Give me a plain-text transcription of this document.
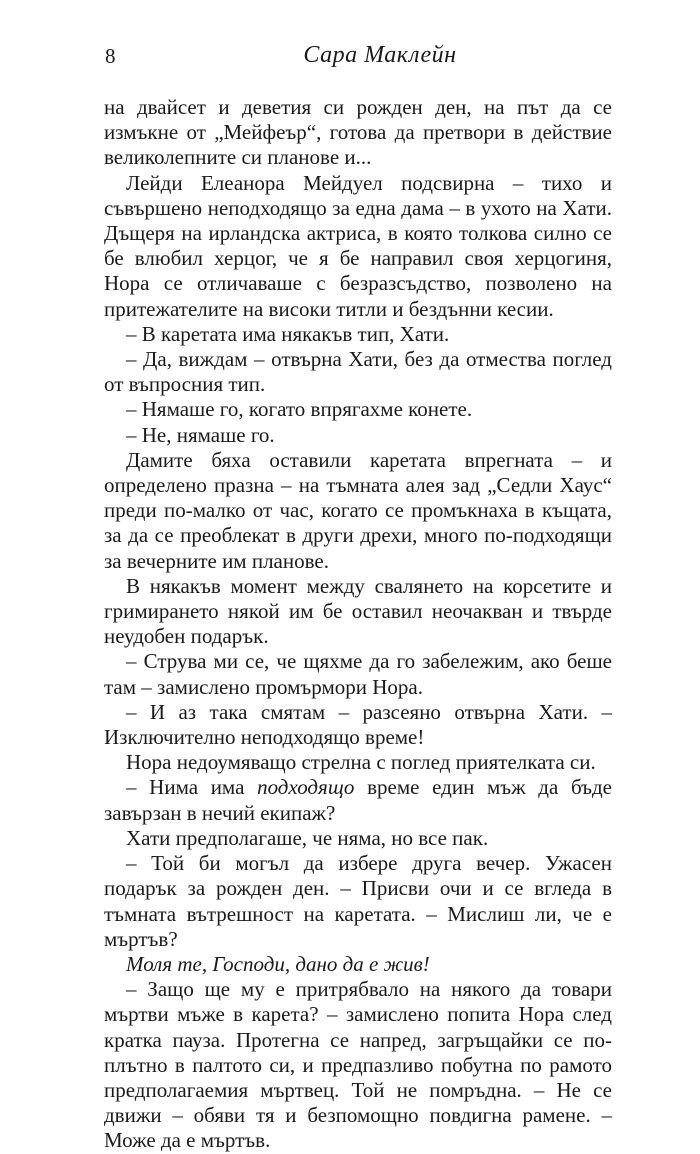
8	Сара Маклейн

на двайсет и деветия си рожден ден, на път да се измъкне от „Мейфеър“, готова да претвори в действие великолепните си планове и...

Лейди Елеанора Мейдуел подсвирна – тихо и съвършено неподходящо за една дама – в ухото на Хати. Дъщеря на ирландска актриса, в която толкова силно се бе влюбил херцог, че я бе направил своя херцогиня, Нора се отличаваше с безразсъдство, позволено на притежателите на високи титли и бездънни кесии.

– В каретата има някакъв тип, Хати.

– Да, виждам – отвърна Хати, без да отмества поглед от въпросния тип.

– Нямаше го, когато впрягахме конете.

– Не, нямаше го.

Дамите бяха оставили каретата впрегната – и определено празна – на тъмната алея зад „Седли Хаус“ преди по-малко от час, когато се промъкнаха в къщата, за да се преоблекат в други дрехи, много по-подходящи за вечерните им планове.

В някакъв момент между свалянето на корсетите и гримирането някой им бе оставил неочакван и твърде неудобен подарък.

– Струва ми се, че щяхме да го забележим, ако беше там – замислено промърмори Нора.

– И аз така смятам – разсеяно отвърна Хати. – Изключително неподходящо време!

Нора недоумяващо стрелна с поглед приятелката си.

– Нима има подходящо време един мъж да бъде завързан в нечий екипаж?

Хати предполагаше, че няма, но все пак.

– Той би могъл да избере друга вечер. Ужасен подарък за рожден ден. – Присви очи и се вгледа в тъмната вътрешност на каретата. – Мислиш ли, че е мъртъв?

Моля те, Господи, дано да е жив!

– Защо ще му е притрябвало на някого да товари мъртви мъже в карета? – замислено попита Нора след кратка пауза. Протегна се напред, загръщайки се по-плътно в палтото си, и предпазливо побутна по рамото предполагаемия мъртвец. Той не помръдна. – Не се движи – обяви тя и безпомощно повдигна рамене. – Може да е мъртъв.
